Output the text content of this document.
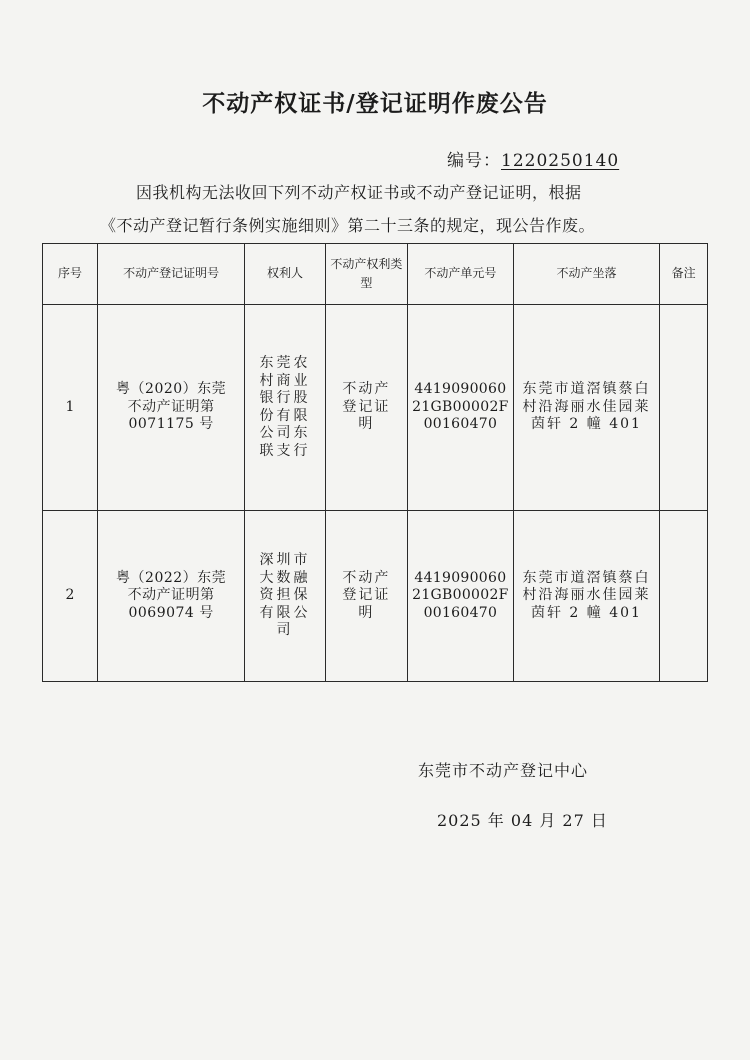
不动产权证书/登记证明作废公告
编号：1220250140
因我机构无法收回下列不动产权证书或不动产登记证明，根据
《不动产登记暂行条例实施细则》第二十三条的规定，现公告作废。
序号	不动产登记证明号	权利人	不动产权利类型	不动产单元号	不动产坐落	备注
1	粤（2020）东莞
不动产证明第
0071175 号	东莞农村商业银行股份有限公司东联支行	不动产登记证明	441909006021GB00002F00160470	东莞市道滘镇蔡白村沿海丽水佳园莱茵轩 2 幢 401	
2	粤（2022）东莞
不动产证明第
0069074 号	深圳市大数融资担保有限公司	不动产登记证明	441909006021GB00002F00160470	东莞市道滘镇蔡白村沿海丽水佳园莱茵轩 2 幢 401	
东莞市不动产登记中心
2025 年 04 月 27 日
